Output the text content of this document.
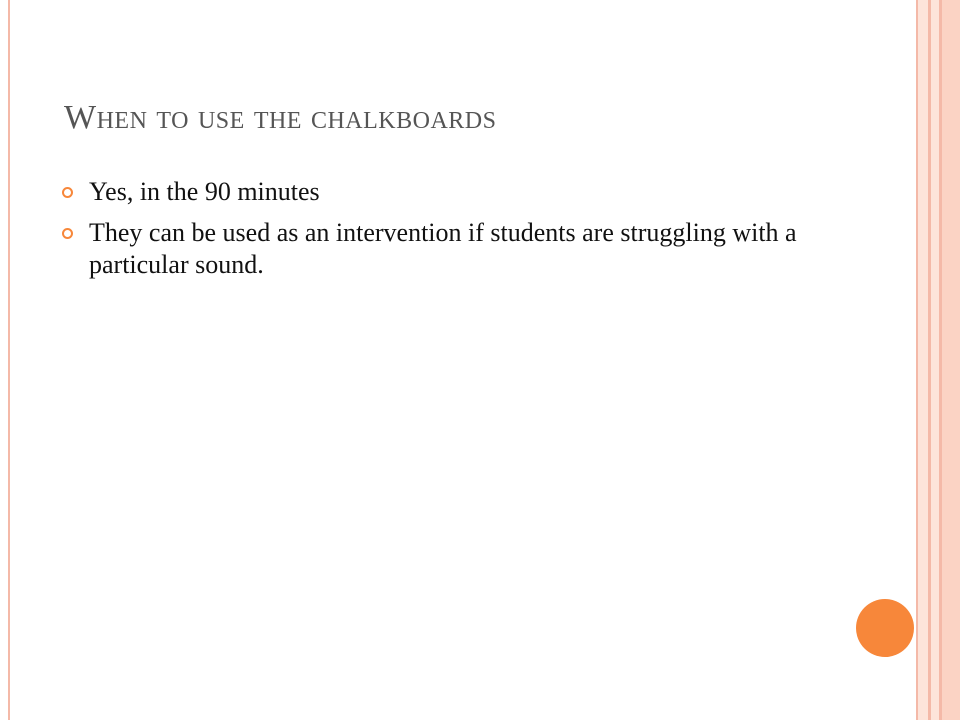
When to use the chalkboards
Yes, in the 90 minutes
They can be used as an intervention if students are struggling with a particular sound.
